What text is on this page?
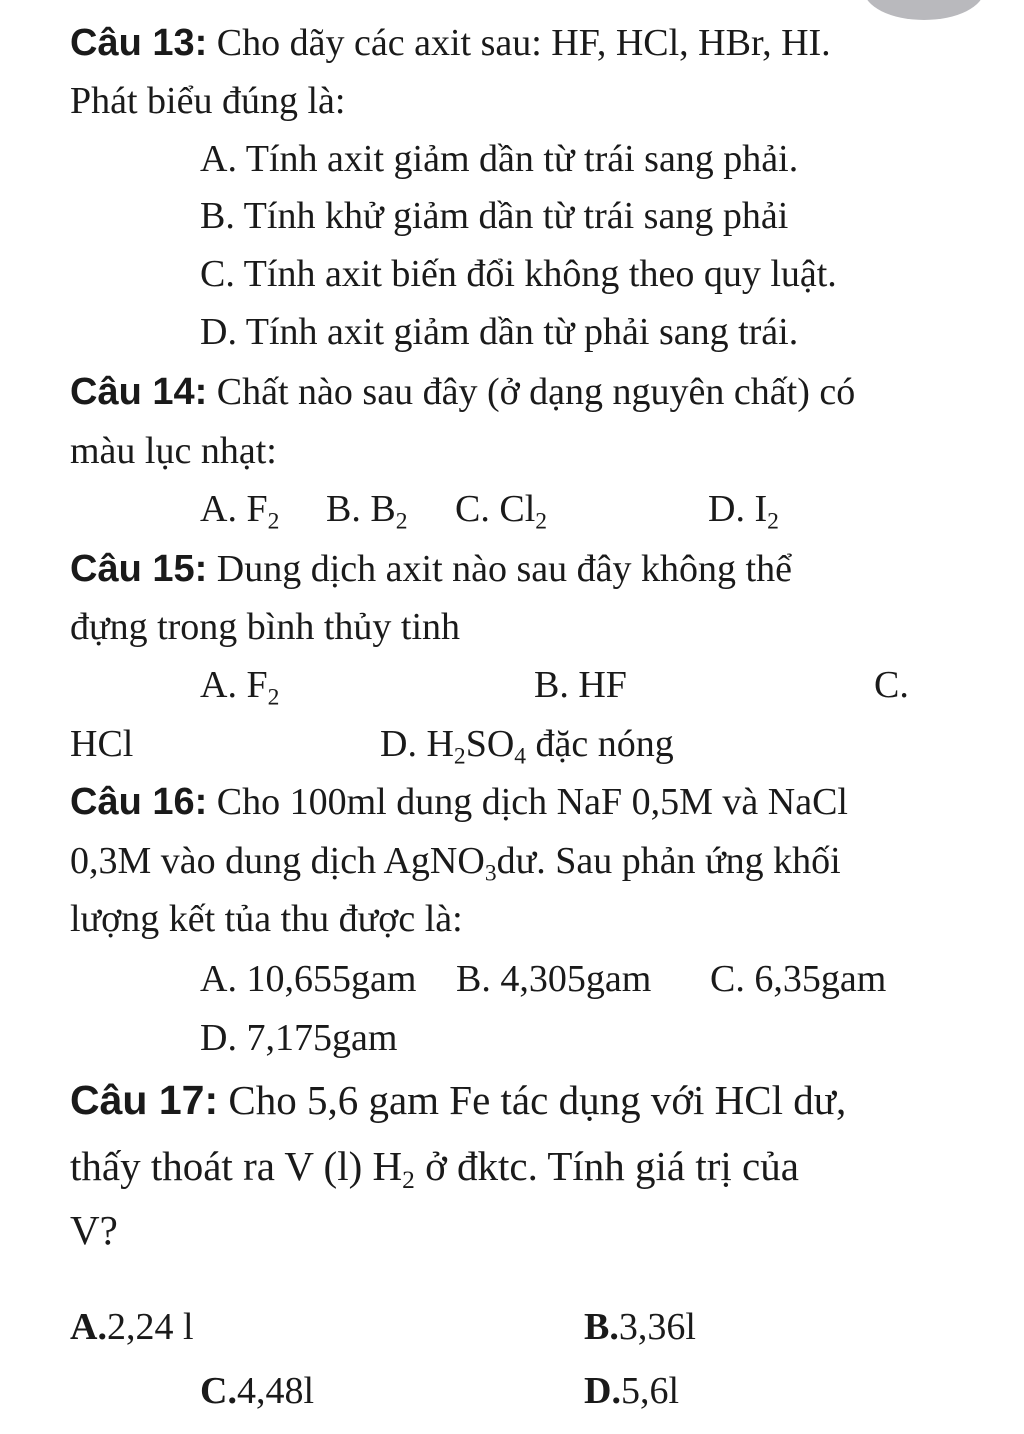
Câu 13: Cho dãy các axit sau: HF, HCl, HBr, HI.
Phát biểu đúng là:
A. Tính axit giảm dần từ trái sang phải.
B. Tính khử giảm dần từ trái sang phải
C. Tính axit biến đổi không theo quy luật.
D. Tính axit giảm dần từ phải sang trái.
Câu 14: Chất nào sau đây (ở dạng nguyên chất) có
màu lục nhạt:
A. $F_2$ B. $B_2$ C. $Cl_2$	D. $I_2$
Câu 15: Dung dịch axit nào sau đây không thể
đựng trong bình thủy tinh
A. $F_2$	B. HF	C.
HCl	D. $H_2SO_4$ đặc nóng
Câu 16: Cho 100ml dung dịch NaF 0,5M và NaCl
0,3M vào dung dịch AgNO$_3$dư. Sau phản ứng khối
lượng kết tủa thu được là:
A. 10,655gam B. 4,305gam C. 6,35gam
D. 7,175gam
Câu 17: Cho 5,6 gam Fe tác dụng với HCl dư,
thấy thoát ra V (l) $H_2$ ở đktc. Tính giá trị của
V?
A.2,24 l	B.3,36l
C.4,48l	D.5,6l
